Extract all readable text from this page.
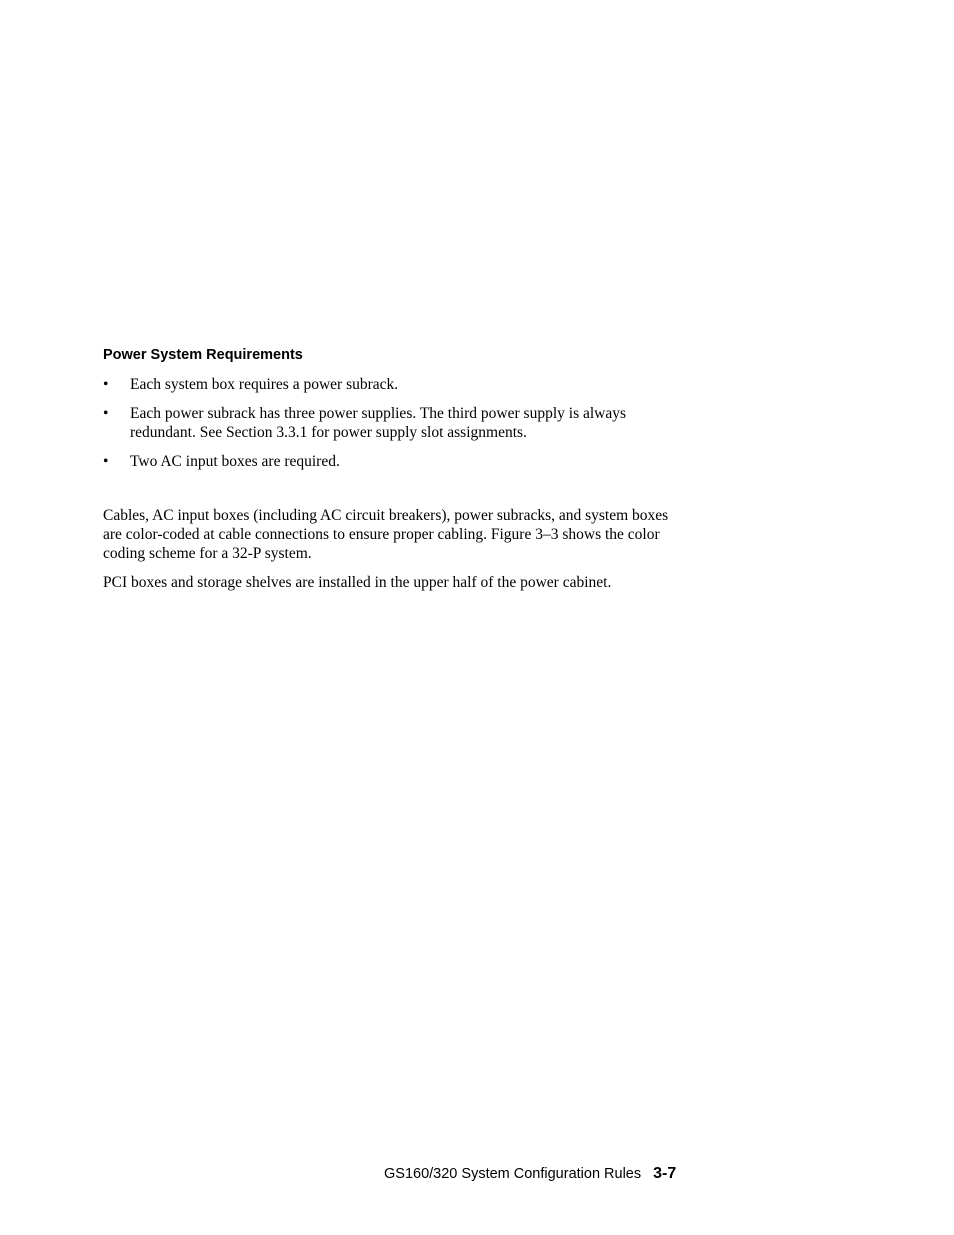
Power System Requirements
• Each system box requires a power subrack.
• Each power subrack has three power supplies. The third power supply is always redundant. See Section 3.3.1 for power supply slot assignments.
• Two AC input boxes are required.

Cables, AC input boxes (including AC circuit breakers), power subracks, and system boxes are color-coded at cable connections to ensure proper cabling. Figure 3–3 shows the color coding scheme for a 32-P system.

PCI boxes and storage shelves are installed in the upper half of the power cabinet.

GS160/320 System Configuration Rules 3-7
